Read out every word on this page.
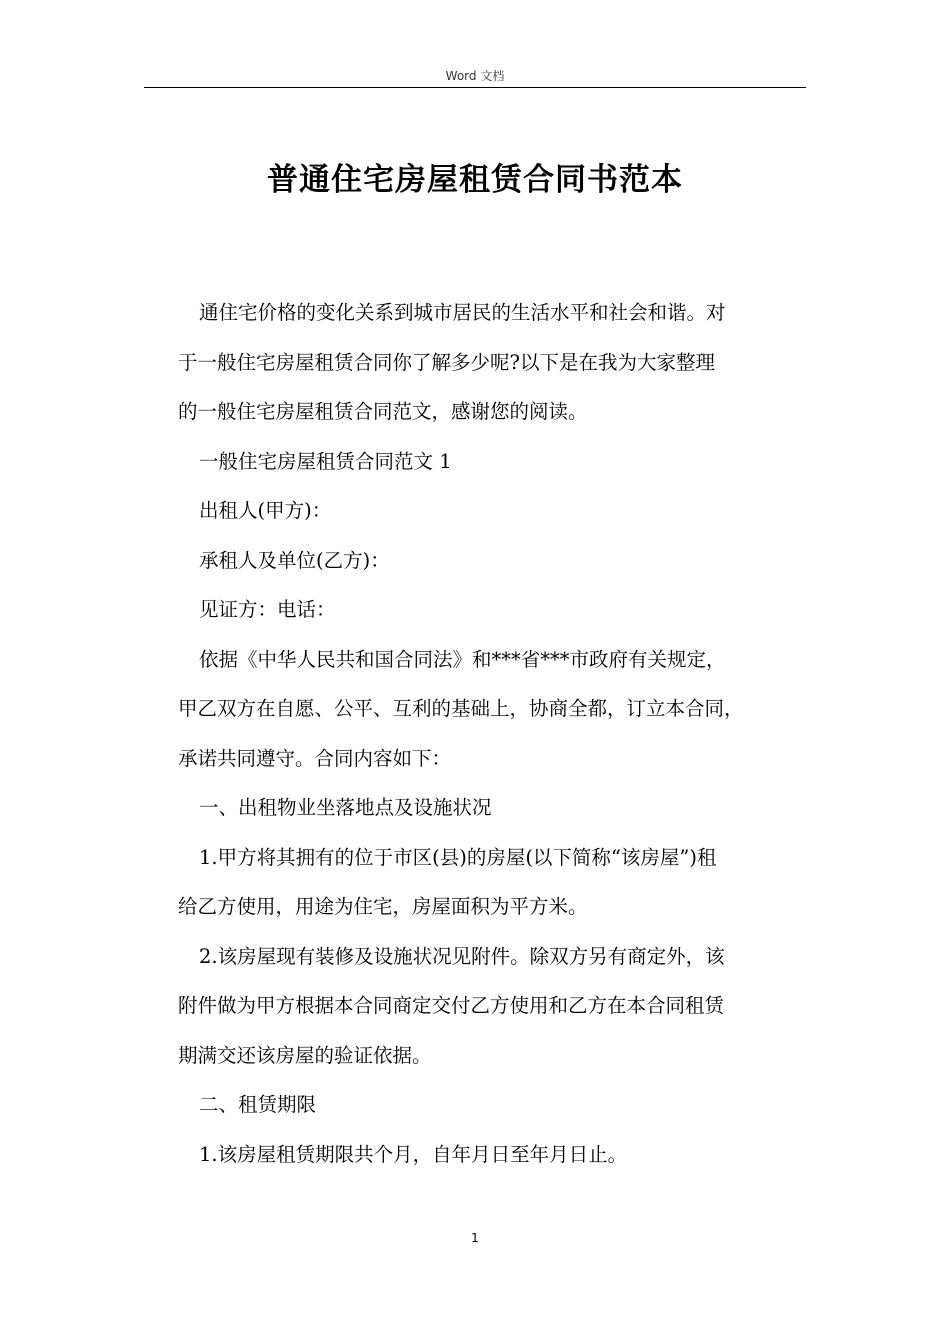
Word 文档
普通住宅房屋租赁合同书范本

通住宅价格的变化关系到城市居民的生活水平和社会和谐。对
于一般住宅房屋租赁合同你了解多少呢?以下是在我为大家整理
的一般住宅房屋租赁合同范文，感谢您的阅读。

一般住宅房屋租赁合同范文 1

出租人(甲方)：

承租人及单位(乙方)：

见证方：电话：

依据《中华人民共和国合同法》和***省***市政府有关规定，
甲乙双方在自愿、公平、互利的基础上，协商全都，订立本合同，
承诺共同遵守。合同内容如下：

一、出租物业坐落地点及设施状况

1.甲方将其拥有的位于市区(县)的房屋(以下简称“该房屋”)租
给乙方使用，用途为住宅，房屋面积为平方米。

2.该房屋现有装修及设施状况见附件。除双方另有商定外，该
附件做为甲方根据本合同商定交付乙方使用和乙方在本合同租赁
期满交还该房屋的验证依据。

二、租赁期限

1.该房屋租赁期限共个月，自年月日至年月日止。

1
